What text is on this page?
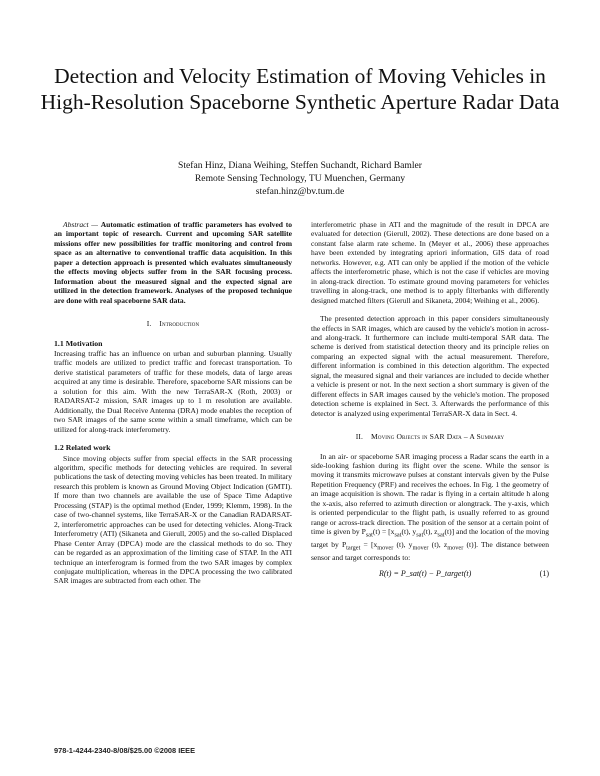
Detection and Velocity Estimation of Moving Vehicles in High-Resolution Spaceborne Synthetic Aperture Radar Data
Stefan Hinz, Diana Weihing, Steffen Suchandt, Richard Bamler
Remote Sensing Technology, TU Muenchen, Germany
stefan.hinz@bv.tum.de

Abstract — Automatic estimation of traffic parameters has evolved to an important topic of research. Current and upcoming SAR satellite missions offer new possibilities for traffic monitoring and control from space as an alternative to conventional traffic data acquisition. In this paper a detection approach is presented which evaluates simultaneously the effects moving objects suffer from in the SAR focusing process. Information about the measured signal and the expected signal are utilized in the detection framework. Analyses of the proposed technique are done with real spaceborne SAR data.

I. Introduction
1.1 Motivation

Increasing traffic has an influence on urban and suburban planning. Usually traffic models are utilized to predict traffic and forecast transportation. To derive statistical parameters of traffic for these models, data of large areas acquired at any time is desirable. Therefore, spaceborne SAR missions can be a solution for this aim. With the new TerraSAR-X (Roth, 2003) or RADARSAT-2 mission, SAR images up to 1 m resolution are available. Additionally, the Dual Receive Antenna (DRA) mode enables the reception of two SAR images of the same scene within a small timeframe, which can be utilized for along-track interferometry.

1.2 Related work

Since moving objects suffer from special effects in the SAR processing algorithm, specific methods for detecting vehicles are required. In several publications the task of detecting moving vehicles has been treated. In military research this problem is known as Ground Moving Object Indication (GMTI). If more than two channels are available the use of Space Time Adaptive Processing (STAP) is the optimal method (Ender, 1999; Klemm, 1998). In the case of two-channel systems, like TerraSAR-X or the Canadian RADARSAT-2, interferometric approaches can be used for detecting vehicles. Along-Track Interferometry (ATI) (Sikaneta and Gierull, 2005) and the so-called Displaced Phase Center Array (DPCA) mode are the classical methods to do so. They can be regarded as an approximation of the limiting case of STAP. In the ATI technique an interferogram is formed from the two SAR images by complex conjugate multiplication, whereas in the DPCA processing the two calibrated SAR images are subtracted from each other. The

interferometric phase in ATI and the magnitude of the result in DPCA are evaluated for detection (Gierull, 2002). These detections are done based on a constant false alarm rate scheme. In (Meyer et al., 2006) these approaches have been extended by integrating apriori information, GIS data of road networks. However, e.g. ATI can only be applied if the motion of the vehicle affects the interferometric phase, which is not the case if vehicles are moving in along-track direction. To estimate ground moving parameters for vehicles travelling in along-track, one method is to apply filterbanks with differently designed matched filters (Gierull and Sikaneta, 2004; Weihing et al., 2006).

The presented detection approach in this paper considers simultaneously the effects in SAR images, which are caused by the vehicle's motion in across- and along-track. It furthermore can include multi-temporal SAR data. The scheme is derived from statistical detection theory and its principle relies on comparing an expected signal with the actual measurement. Therefore, different information is combined in this detection algorithm. The expected signal, the measured signal and their variances are included to decide whether a vehicle is present or not. In the next section a short summary is given of the different effects in SAR images caused by the vehicle's motion. The proposed detection scheme is explained in Sect. 3. Afterwards the performance of this detector is analyzed using experimental TerraSAR-X data in Sect. 4.

II. Moving Objects in SAR Data – A Summary

In an air- or spaceborne SAR imaging process a Radar scans the earth in a side-looking fashion during its flight over the scene. While the sensor is moving it transmits microwave pulses at constant intervals given by the Pulse Repetition Frequency (PRF) and receives the echoes. In Fig. 1 the geometry of an image acquisition is shown. The radar is flying in a certain altitude h along the x-axis, also referred to azimuth direction or alongtrack. The y-axis, which is oriented perpendicular to the flight path, is usually referred to as ground range or across-track direction. The position of the sensor at a certain point of time is given by $P_{sat}(t) = [x_{sat}(t)$, $y_{sat}(t)$, $z_{sat}(t)$] and the location of the moving target by $P_{target} = [x_{mover}$ (t), $y_{mover}$ (t), $z_{mover}$ (t)]. The distance between sensor and target corresponds to:

R(t) = P_sat(t) − P_target(t)	(1)
978-1-4244-2340-8/08/$25.00 ©2008 IEEE
